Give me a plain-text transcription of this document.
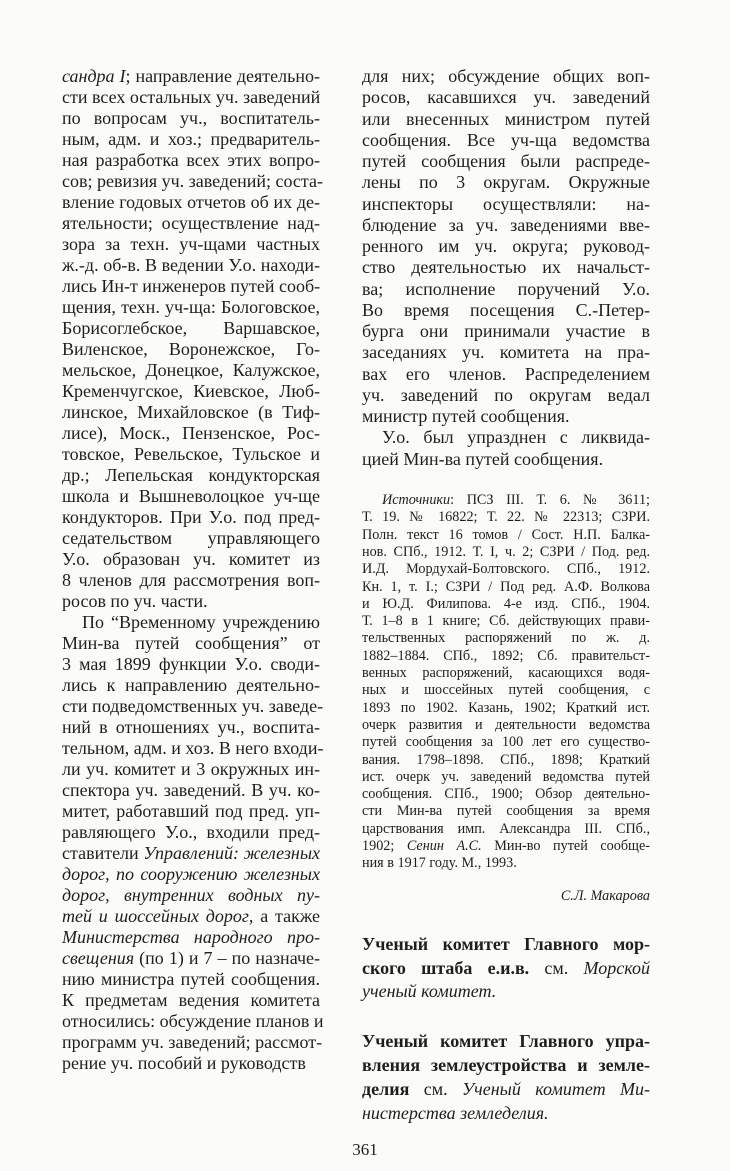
сандра I; направление деятельно-
сти всех остальных уч. заведений
по вопросам уч., воспитатель-
ным, адм. и хоз.; предваритель-
ная разработка всех этих вопро-
сов; ревизия уч. заведений; соста-
вление годовых отчетов об их де-
ятельности; осуществление над-
зора за техн. уч-щами частных
ж.-д. об-в. В ведении У.о. находи-
лись Ин-т инженеров путей сооб-
щения, техн. уч-ща: Бологовское,
Борисоглебское, Варшавское,
Виленское, Воронежское, Го-
мельское, Донецкое, Калужское,
Кременчугское, Киевское, Люб-
линское, Михайловское (в Тиф-
лисе), Моск., Пензенское, Рос-
товское, Ревельское, Тульское и
др.; Лепельская кондукторская
школа и Вышневолоцкое уч-ще
кондукторов. При У.о. под пред-
седательством управляющего
У.о. образован уч. комитет из
8 членов для рассмотрения воп-
росов по уч. части.
По “Временному учреждению
Мин-ва путей сообщения” от
3 мая 1899 функции У.о. своди-
лись к направлению деятельно-
сти подведомственных уч. заведе-
ний в отношениях уч., воспита-
тельном, адм. и хоз. В него входи-
ли уч. комитет и 3 окружных ин-
спектора уч. заведений. В уч. ко-
митет, работавший под пред. уп-
равляющего У.о., входили пред-
ставители Управлений: железных
дорог, по сооружению железных
дорог, внутренних водных пу-
тей и шоссейных дорог, а также
Министерства народного про-
свещения (по 1) и 7 – по назначе-
нию министра путей сообщения.
К предметам ведения комитета
относились: обсуждение планов и
программ уч. заведений; рассмот-
рение уч. пособий и руководств
для них; обсуждение общих воп-
росов, касавшихся уч. заведений
или внесенных министром путей
сообщения. Все уч-ща ведомства
путей сообщения были распреде-
лены по 3 округам. Окружные
инспекторы осуществляли: на-
блюдение за уч. заведениями вве-
ренного им уч. округа; руковод-
ство деятельностью их начальст-
ва; исполнение поручений У.о.
Во время посещения С.-Петер-
бурга они принимали участие в
заседаниях уч. комитета на пра-
вах его членов. Распределением
уч. заведений по округам ведал
министр путей сообщения.
У.о. был упразднен с ликвида-
цией Мин-ва путей сообщения.
Источники: ПСЗ III. Т. 6. № 3611;
Т. 19. № 16822; Т. 22. № 22313; СЗРИ.
Полн. текст 16 томов / Сост. Н.П. Балка-
нов. СПб., 1912. Т. I, ч. 2; СЗРИ / Под. ред.
И.Д. Мордухай-Болтовского. СПб., 1912.
Кн. 1, т. I.; СЗРИ / Под ред. А.Ф. Волкова
и Ю.Д. Филипова. 4-е изд. СПб., 1904.
Т. 1–8 в 1 книге; Сб. действующих прави-
тельственных распоряжений по ж. д.
1882–1884. СПб., 1892; Сб. правительст-
венных распоряжений, касающихся водя-
ных и шоссейных путей сообщения, с
1893 по 1902. Казань, 1902; Краткий ист.
очерк развития и деятельности ведомства
путей сообщения за 100 лет его существо-
вания. 1798–1898. СПб., 1898; Краткий
ист. очерк уч. заведений ведомства путей
сообщения. СПб., 1900; Обзор деятельно-
сти Мин-ва путей сообщения за время
царствования имп. Александра III. СПб.,
1902; Сенин А.С. Мин-во путей сообще-
ния в 1917 году. М., 1993.
С.Л. Макарова
Ученый комитет Главного мор-
ского штаба е.и.в. см. Морской
ученый комитет.
Ученый комитет Главного упра-
вления землеустройства и земле-
делия см. Ученый комитет Ми-
нистерства земледелия.
361
